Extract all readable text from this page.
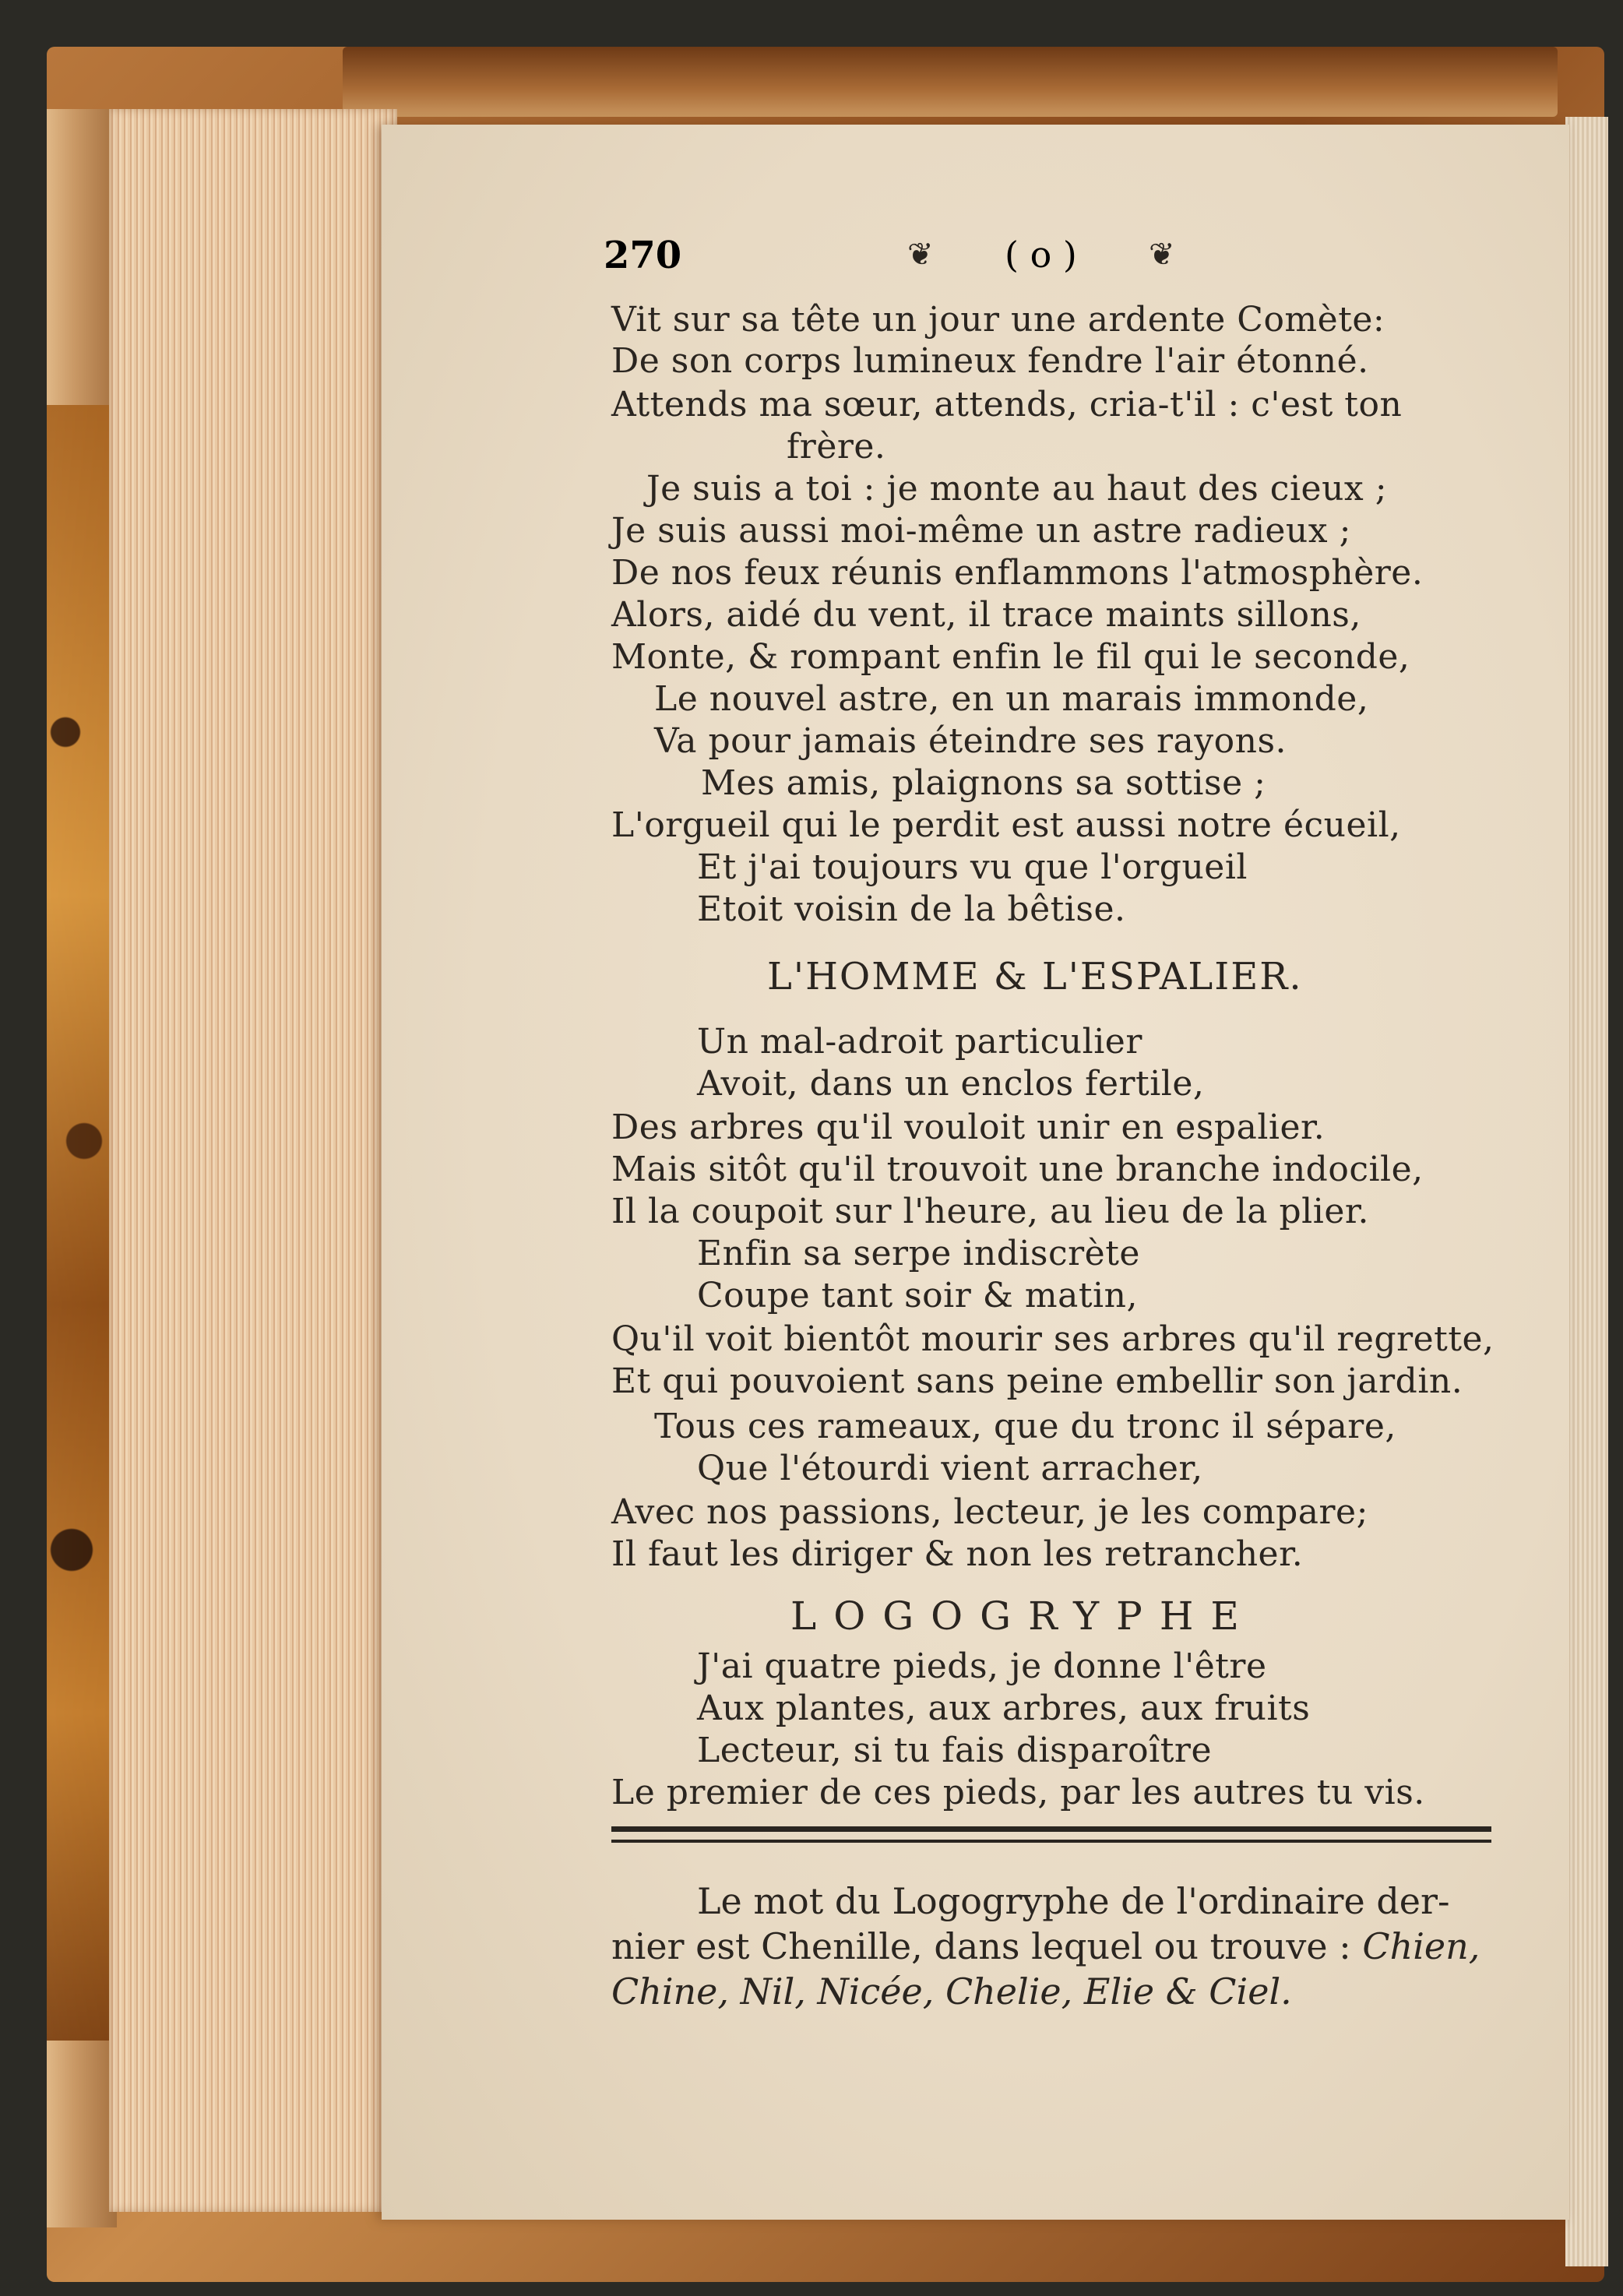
270	❦ ( o ) ❦
Vit sur sa tête un jour une ardente Comète:
De son corps lumineux fendre l'air étonné.
Attends ma sœur, attends, cria-t'il : c'est ton
frère.
Je suis a toi : je monte au haut des cieux ;
Je suis aussi moi-même un astre radieux ;
De nos feux réunis enflammons l'atmosphère.
Alors, aidé du vent, il trace maints sillons,
Monte, & rompant enfin le fil qui le seconde,
Le nouvel astre, en un marais immonde,
Va pour jamais éteindre ses rayons.
Mes amis, plaignons sa sottise ;
L'orgueil qui le perdit est aussi notre écueil,
Et j'ai toujours vu que l'orgueil
Etoit voisin de la bêtise.
L'HOMME & L'ESPALIER.
Un mal-adroit particulier
Avoit, dans un enclos fertile,
Des arbres qu'il vouloit unir en espalier.
Mais sitôt qu'il trouvoit une branche indocile,
Il la coupoit sur l'heure, au lieu de la plier.
Enfin sa serpe indiscrète
Coupe tant soir & matin,
Qu'il voit bientôt mourir ses arbres qu'il regrette,
Et qui pouvoient sans peine embellir son jardin.
Tous ces rameaux, que du tronc il sépare,
Que l'étourdi vient arracher,
Avec nos passions, lecteur, je les compare;
Il faut les diriger & non les retrancher.
LOGOGRYPHE
J'ai quatre pieds, je donne l'être
Aux plantes, aux arbres, aux fruits
Lecteur, si tu fais disparoître
Le premier de ces pieds, par les autres tu vis.
Le mot du Logogryphe de l'ordinaire der-
nier est Chenille, dans lequel ou trouve : Chien,
Chine, Nil, Nicée, Chelie, Elie & Ciel.
